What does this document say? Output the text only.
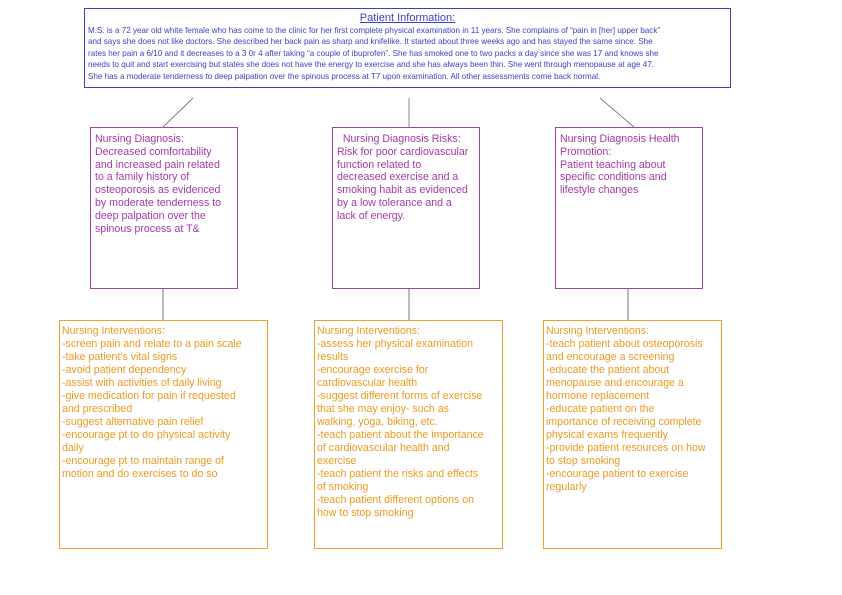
Patient Information:
M.S. is a 72 year old white female who has come to the clinic for her first complete physical examination in 11 years. She complains of “pain in [her] upper back”
and says she does not like doctors. She described her back pain as sharp and knifelike. It started about three weeks ago and has stayed the same since. She
rates her pain a 6/10 and it decreases to a 3 0r 4 after taking “a couple of ibuprofen”. She has smoked one to two packs a day since she was 17 and knows she
needs to quit and start exercising but states she does not have the energy to exercise and she has always been thin. She went through menopause at age 47.
She has a moderate tenderness to deep palpation over the spinous process at T7 upon examination. All other assessments come back normal.
Nursing Diagnosis:
Decreased comfortability
and increased pain related
to a family history of
osteoporosis as evidenced
by moderate tenderness to
deep palpation over the
spinous process at T&
Nursing Diagnosis Risks:
Risk for poor cardiovascular
function related to
decreased exercise and a
smoking habit as evidenced
by a low tolerance and a
lack of energy.
Nursing Diagnosis Health
Promotion:
Patient teaching about
specific conditions and
lifestyle changes
Nursing Interventions:
-screen pain and relate to a pain scale
-take patient’s vital signs
-avoid patient dependency
-assist with activities of daily living
-give medication for pain if requested
and prescribed
-suggest alternative pain relief
-encourage pt to do physical activity
daily
-encourage pt to maintain range of
motion and do exercises to do so
Nursing Interventions:
-assess her physical examination
results
-encourage exercise for
cardiovascular health
-suggest different forms of exercise
that she may enjoy- such as
walking, yoga, biking, etc.
-teach patient about the importance
of cardiovascular health and
exercise
-teach patient the risks and effects
of smoking
-teach patient different options on
how to stop smoking
Nursing Interventions:
-teach patient about osteoporosis
and encourage a screening
-educate the patient about
menopause and encourage a
hormone replacement
-educate patient on the
importance of receiving complete
physical exams frequently
-provide patient resources on how
to stop smoking
-encourage patient to exercise
regularly
